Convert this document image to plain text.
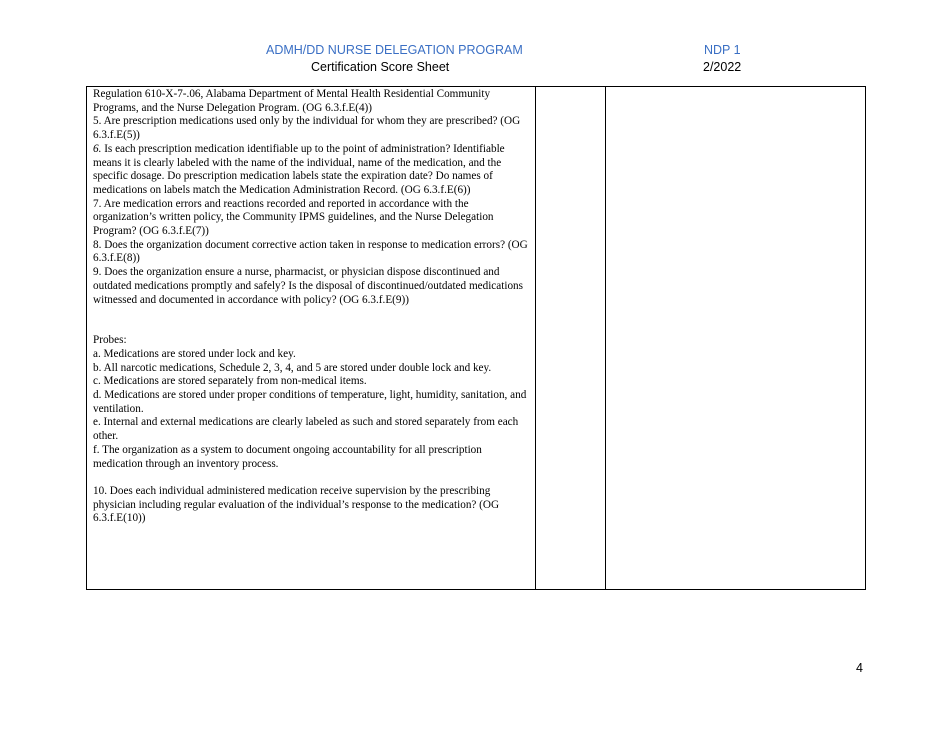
ADMH/DD NURSE DELEGATION PROGRAM
Certification Score Sheet
NDP 1
2/2022

Regulation 610-X-7-.06, Alabama Department of Mental Health Residential Community Programs, and the Nurse Delegation Program. (OG 6.3.f.E(4))

5. Are prescription medications used only by the individual for whom they are prescribed? (OG 6.3.f.E(5))

6. Is each prescription medication identifiable up to the point of administration? Identifiable means it is clearly labeled with the name of the individual, name of the medication, and the specific dosage. Do prescription medication labels state the expiration date? Do names of medications on labels match the Medication Administration Record. (OG 6.3.f.E(6))

7. Are medication errors and reactions recorded and reported in accordance with the organization’s written policy, the Community IPMS guidelines, and the Nurse Delegation Program? (OG 6.3.f.E(7))

8. Does the organization document corrective action taken in response to medication errors? (OG 6.3.f.E(8))

9. Does the organization ensure a nurse, pharmacist, or physician dispose discontinued and outdated medications promptly and safely? Is the disposal of discontinued/outdated medications witnessed and documented in accordance with policy? (OG 6.3.f.E(9))

Probes:

a. Medications are stored under lock and key.

b. All narcotic medications, Schedule 2, 3, 4, and 5 are stored under double lock and key.

c. Medications are stored separately from non-medical items.

d. Medications are stored under proper conditions of temperature, light, humidity, sanitation, and ventilation.

e. Internal and external medications are clearly labeled as such and stored separately from each other.

f. The organization as a system to document ongoing accountability for all prescription medication through an inventory process.

10. Does each individual administered medication receive supervision by the prescribing physician including regular evaluation of the individual’s response to the medication? (OG 6.3.f.E(10))

4
